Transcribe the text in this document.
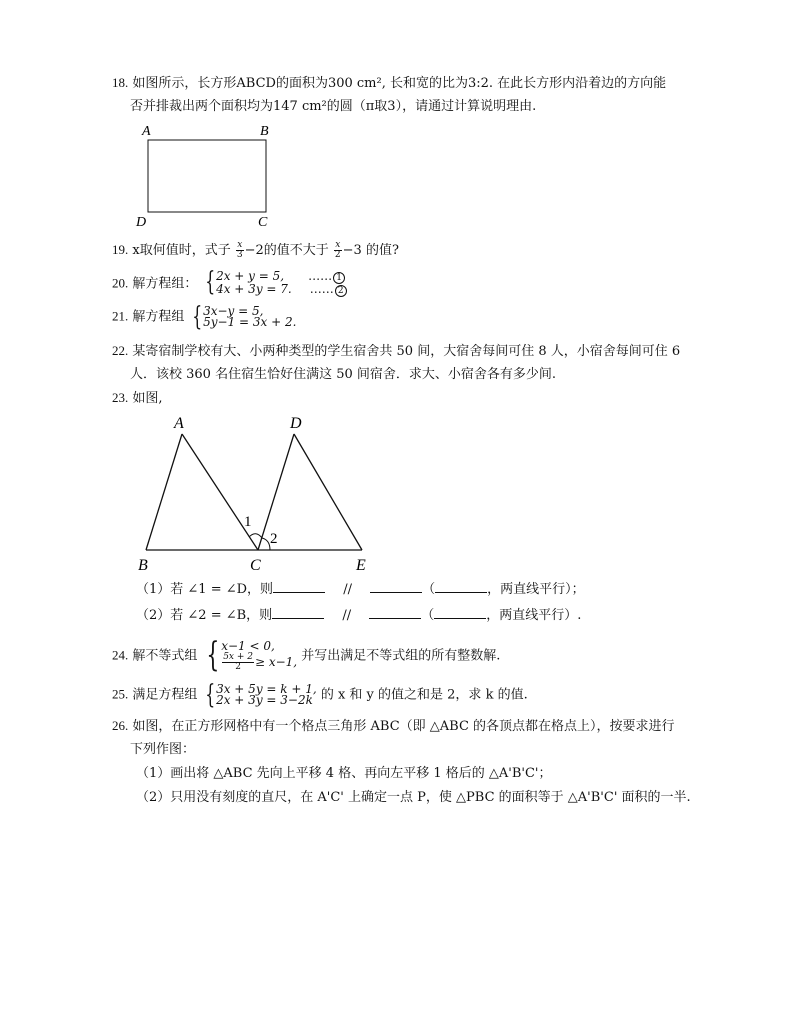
18. 如图所示，长方形ABCD的面积为300 cm², 长和宽的比为3:2. 在此长方形内沿着边的方向能
否并排裁出两个面积均为147 cm²的圆（π取3），请通过计算说明理由.
A	B
D	C
19. x取何值时，式子 $\frac{x}{3} -2$的值不大于 $\frac{x}{2} -3$ 的值?
20. 解方程组： { 2x + y = 5, …… 1
4x + 3y = 7. …… 2
21. 解方程组 { 3x−y = 5,
5y−1 = 3x + 2.
22. 某寄宿制学校有大、小两种类型的学生宿舍共 50 间，大宿舍每间可住 8 人，小宿舍每间可住 6
人．该校 360 名住宿生恰好住满这 50 间宿舍．求大、小宿舍各有多少间.
23. 如图,
A	D
B	C	E
1
2
（1）若 ∠1 = ∠D，则	//	（	，两直线平行）；
（2）若 ∠2 = ∠B，则	//	（	，两直线平行）.
24. 解不等式组 { x−1 < 0,
$\frac{5x + 2}{2} \ge x-1$, 并写出满足不等式组的所有整数解.
25. 满足方程组 { 3x + 5y = k + 1,
2x + 3y = 3−2k 的 x 和 y 的值之和是 2，求 k 的值.
26. 如图，在正方形网格中有一个格点三角形 ABC（即 △ABC 的各顶点都在格点上），按要求进行
下列作图：
（1）画出将 △ABC 先向上平移 4 格、再向左平移 1 格后的 △A'B'C'；
（2）只用没有刻度的直尺，在 A'C' 上确定一点 P，使 △PBC 的面积等于 △A'B'C' 面积的一半.
